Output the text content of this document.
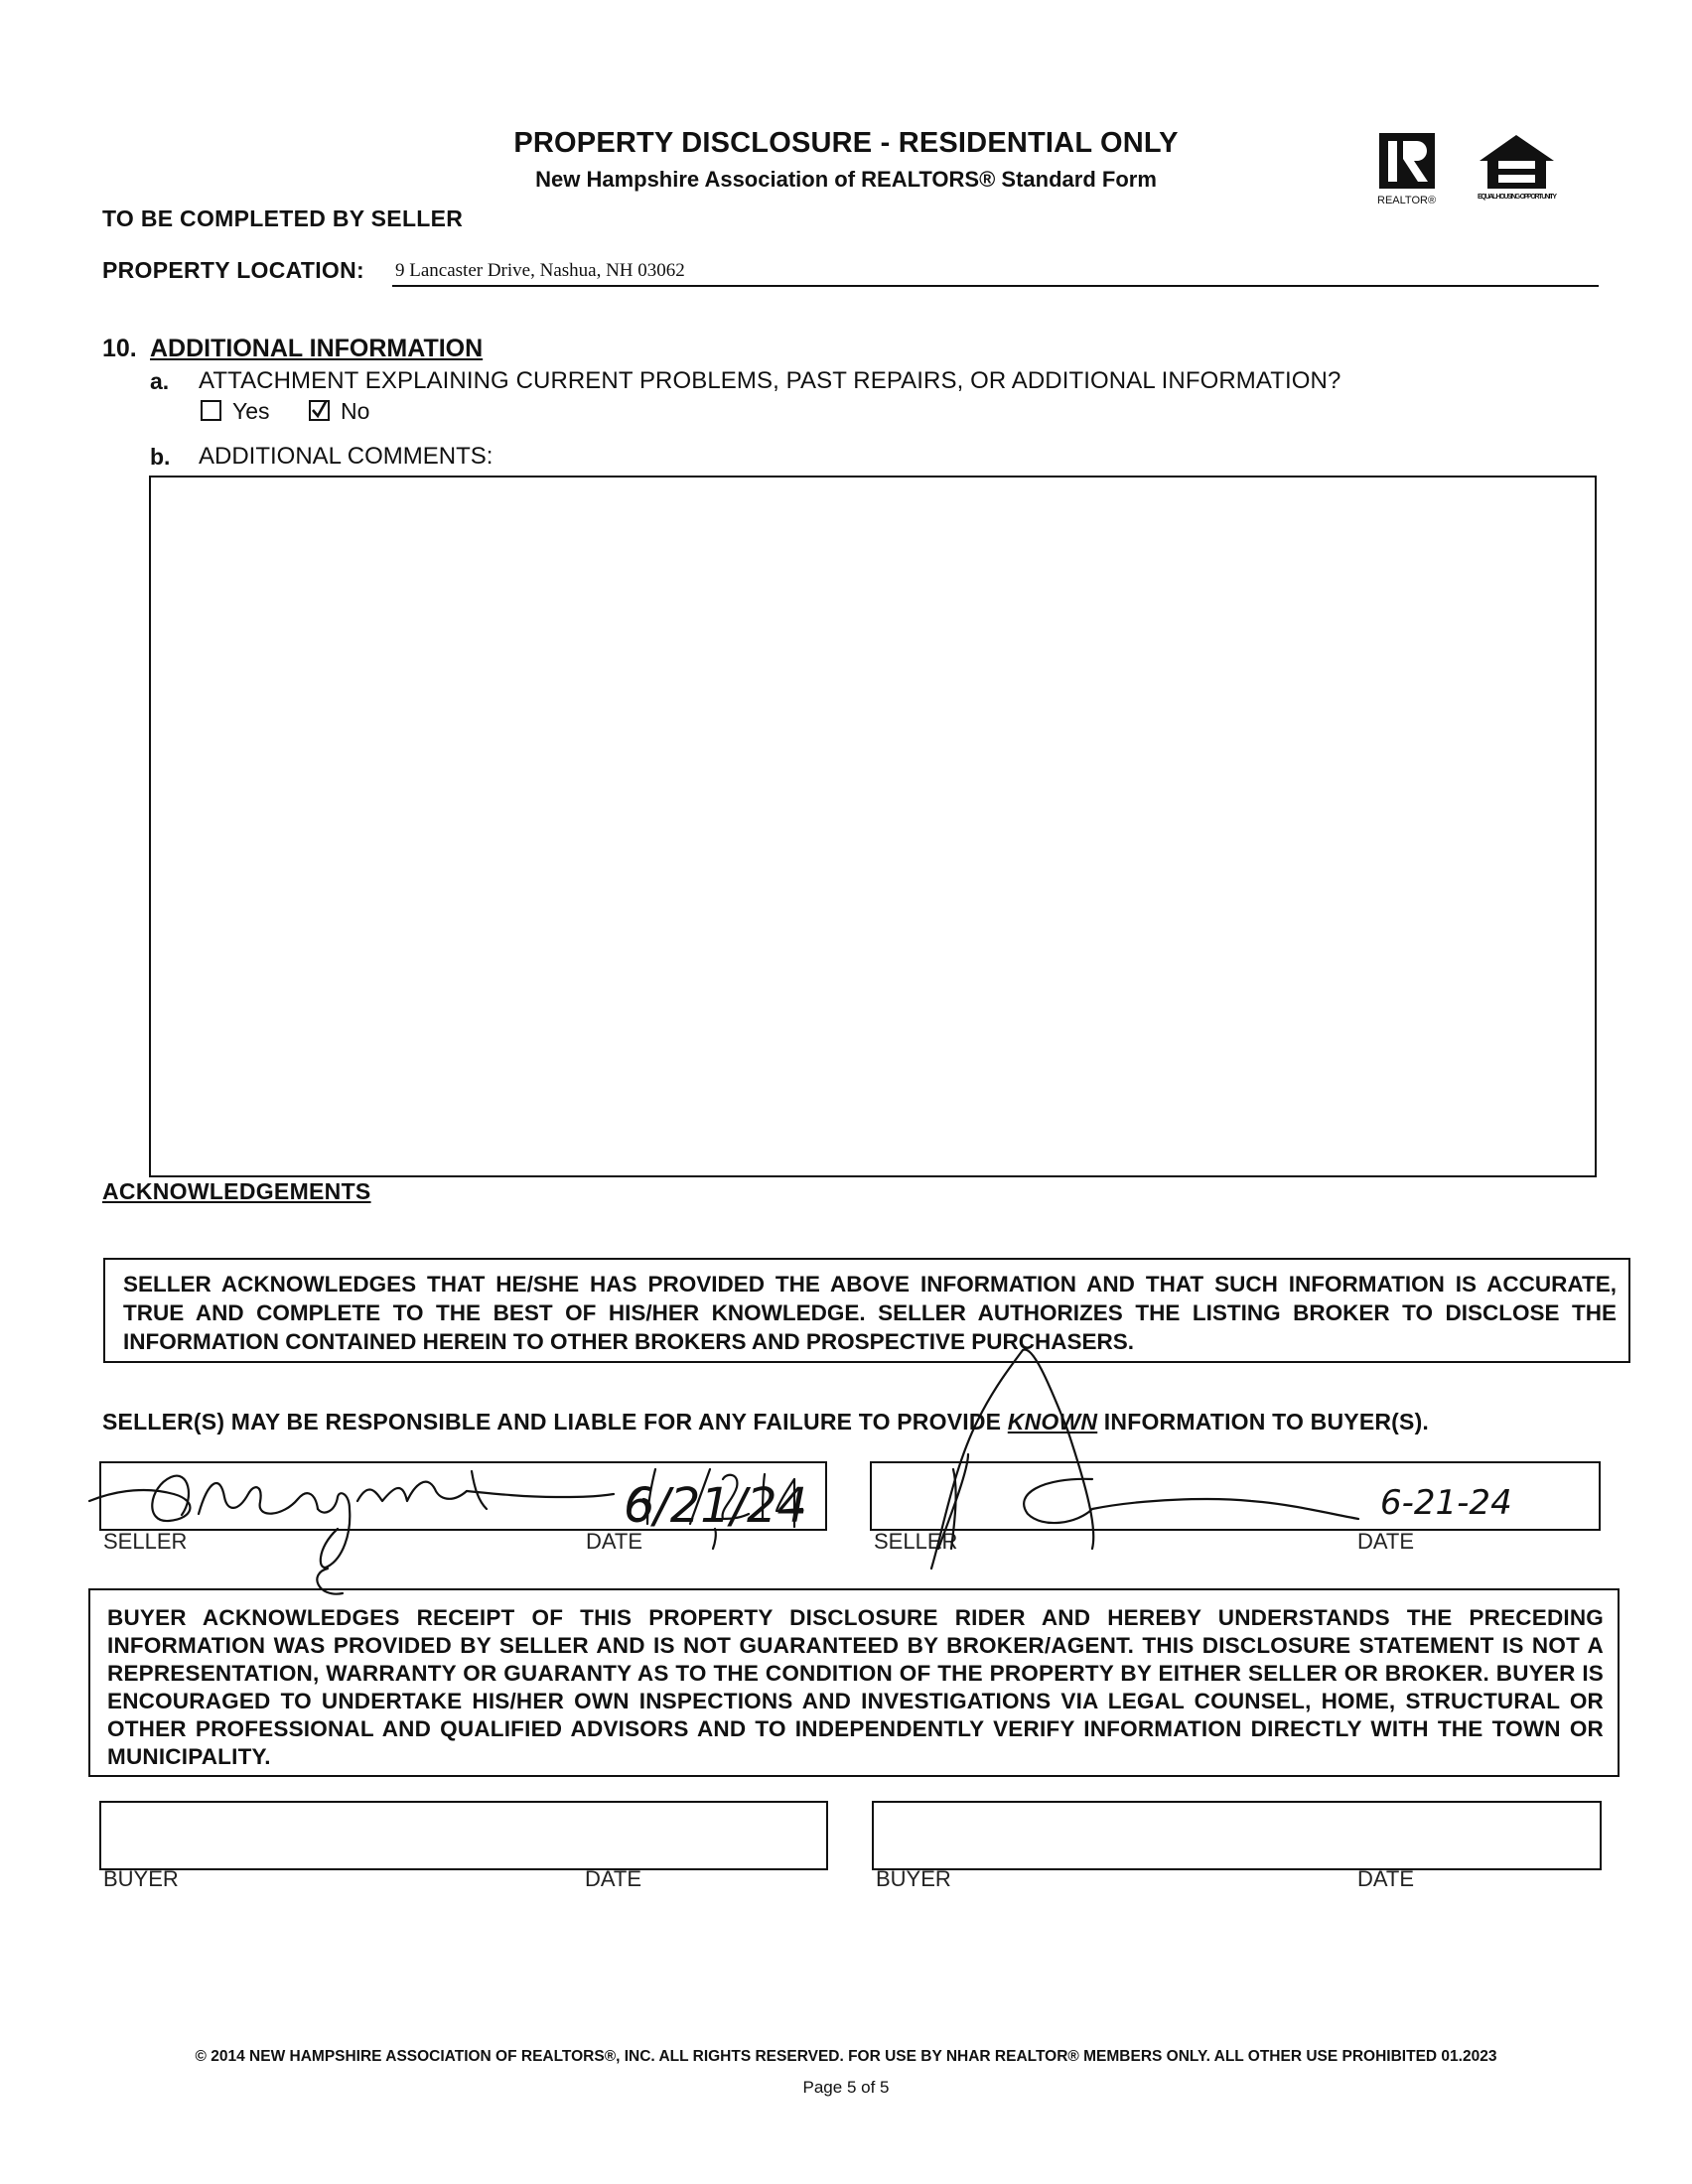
PROPERTY DISCLOSURE - RESIDENTIAL ONLY
New Hampshire Association of REALTORS® Standard Form
REALTOR®	EQUAL HOUSING OPPORTUNITY
TO BE COMPLETED BY SELLER
PROPERTY LOCATION: 9 Lancaster Drive, Nashua, NH 03062
10. ADDITIONAL INFORMATION
a. ATTACHMENT EXPLAINING CURRENT PROBLEMS, PAST REPAIRS, OR ADDITIONAL INFORMATION?
Yes	No
b. ADDITIONAL COMMENTS:
ACKNOWLEDGEMENTS
SELLER ACKNOWLEDGES THAT HE/SHE HAS PROVIDED THE ABOVE INFORMATION AND THAT SUCH INFORMATION IS ACCURATE, TRUE AND COMPLETE TO THE BEST OF HIS/HER KNOWLEDGE. SELLER AUTHORIZES THE LISTING BROKER TO DISCLOSE THE INFORMATION CONTAINED HEREIN TO OTHER BROKERS AND PROSPECTIVE PURCHASERS.
SELLER(S) MAY BE RESPONSIBLE AND LIABLE FOR ANY FAILURE TO PROVIDE KNOWN INFORMATION TO BUYER(S).
SELLER	DATE	SELLER	DATE
6/21/24	6-21-24
BUYER ACKNOWLEDGES RECEIPT OF THIS PROPERTY DISCLOSURE RIDER AND HEREBY UNDERSTANDS THE PRECEDING INFORMATION WAS PROVIDED BY SELLER AND IS NOT GUARANTEED BY BROKER/AGENT. THIS DISCLOSURE STATEMENT IS NOT A REPRESENTATION, WARRANTY OR GUARANTY AS TO THE CONDITION OF THE PROPERTY BY EITHER SELLER OR BROKER. BUYER IS ENCOURAGED TO UNDERTAKE HIS/HER OWN INSPECTIONS AND INVESTIGATIONS VIA LEGAL COUNSEL, HOME, STRUCTURAL OR OTHER PROFESSIONAL AND QUALIFIED ADVISORS AND TO INDEPENDENTLY VERIFY INFORMATION DIRECTLY WITH THE TOWN OR MUNICIPALITY.
BUYER	DATE	BUYER	DATE
© 2014 NEW HAMPSHIRE ASSOCIATION OF REALTORS®, INC. ALL RIGHTS RESERVED. FOR USE BY NHAR REALTOR® MEMBERS ONLY. ALL OTHER USE PROHIBITED 01.2023
Page 5 of 5
